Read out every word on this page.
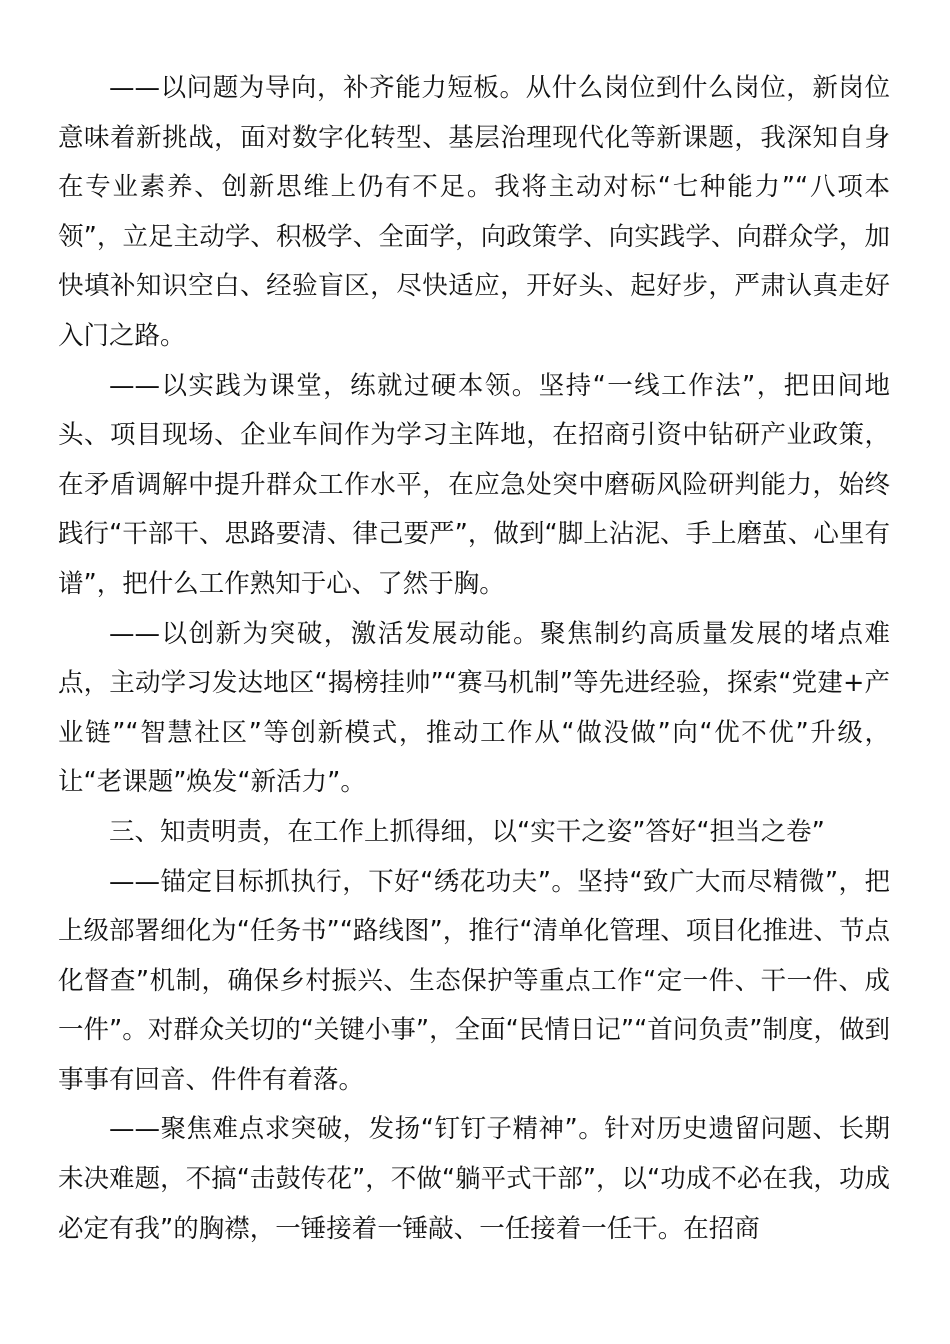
——以问题为导向，补齐能力短板。从什么岗位到什么岗位，新岗位意味着新挑战，面对数字化转型、基层治理现代化等新课题，我深知自身在专业素养、创新思维上仍有不足。我将主动对标“七种能力”“八项本领”，立足主动学、积极学、全面学，向政策学、向实践学、向群众学，加快填补知识空白、经验盲区，尽快适应，开好头、起好步，严肃认真走好入门之路。

——以实践为课堂，练就过硬本领。坚持“一线工作法”，把田间地头、项目现场、企业车间作为学习主阵地，在招商引资中钻研产业政策，在矛盾调解中提升群众工作水平，在应急处突中磨砺风险研判能力，始终践行“干部干、思路要清、律己要严”，做到“脚上沾泥、手上磨茧、心里有谱”，把什么工作熟知于心、了然于胸。

——以创新为突破，激活发展动能。聚焦制约高质量发展的堵点难点，主动学习发达地区“揭榜挂帅”“赛马机制”等先进经验，探索“党建+产业链”“智慧社区”等创新模式，推动工作从“做没做”向“优不优”升级，让“老课题”焕发“新活力”。

三、知责明责，在工作上抓得细，以“实干之姿”答好“担当之卷”

——锚定目标抓执行，下好“绣花功夫”。坚持“致广大而尽精微”，把上级部署细化为“任务书”“路线图”，推行“清单化管理、项目化推进、节点化督查”机制，确保乡村振兴、生态保护等重点工作“定一件、干一件、成一件”。对群众关切的“关键小事”，全面“民情日记”“首问负责”制度，做到事事有回音、件件有着落。

——聚焦难点求突破，发扬“钉钉子精神”。针对历史遗留问题、长期未决难题，不搞“击鼓传花”，不做“躺平式干部”，以“功成不必在我，功成必定有我”的胸襟，一锤接着一锤敲、一任接着一任干。在招商
